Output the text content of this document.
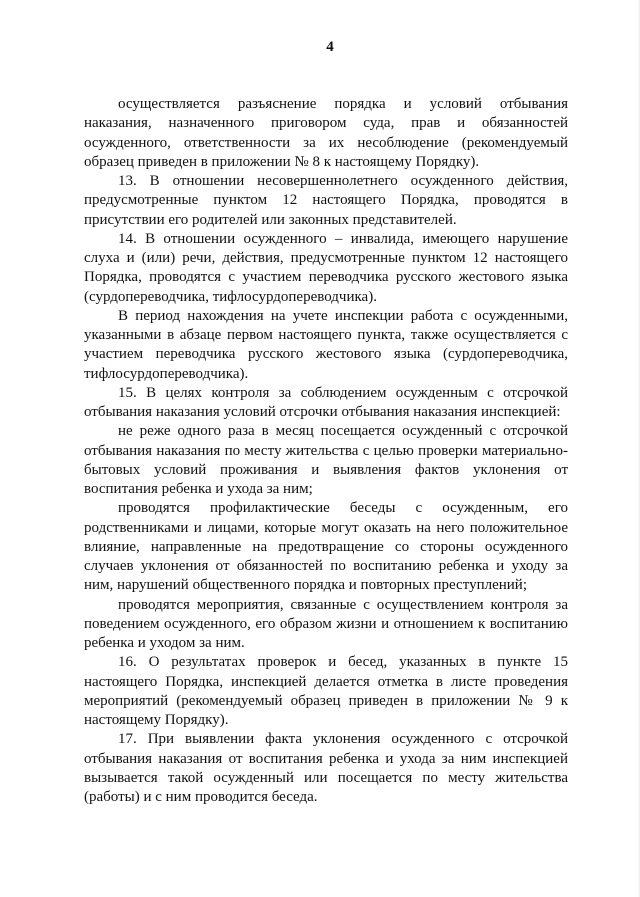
4

осуществляется разъяснение порядка и условий отбывания наказания, назначенного приговором суда, прав и обязанностей осужденного, ответственности за их несоблюдение (рекомендуемый образец приведен в приложении № 8 к настоящему Порядку).

13. В отношении несовершеннолетнего осужденного действия, предусмотренные пунктом 12 настоящего Порядка, проводятся в присутствии его родителей или законных представителей.

14. В отношении осужденного – инвалида, имеющего нарушение слуха и (или) речи, действия, предусмотренные пунктом 12 настоящего Порядка, проводятся с участием переводчика русского жестового языка (сурдопереводчика, тифлосурдопереводчика).

В период нахождения на учете инспекции работа с осужденными, указанными в абзаце первом настоящего пункта, также осуществляется с участием переводчика русского жестового языка (сурдопереводчика, тифлосурдопереводчика).

15. В целях контроля за соблюдением осужденным с отсрочкой отбывания наказания условий отсрочки отбывания наказания инспекцией:

не реже одного раза в месяц посещается осужденный с отсрочкой отбывания наказания по месту жительства с целью проверки материально-бытовых условий проживания и выявления фактов уклонения от воспитания ребенка и ухода за ним;

проводятся профилактические беседы с осужденным, его родственниками и лицами, которые могут оказать на него положительное влияние, направленные на предотвращение со стороны осужденного случаев уклонения от обязанностей по воспитанию ребенка и уходу за ним, нарушений общественного порядка и повторных преступлений;

проводятся мероприятия, связанные с осуществлением контроля за поведением осужденного, его образом жизни и отношением к воспитанию ребенка и уходом за ним.

16. О результатах проверок и бесед, указанных в пункте 15 настоящего Порядка, инспекцией делается отметка в листе проведения мероприятий (рекомендуемый образец приведен в приложении № 9 к настоящему Порядку).

17. При выявлении факта уклонения осужденного с отсрочкой отбывания наказания от воспитания ребенка и ухода за ним инспекцией вызывается такой осужденный или посещается по месту жительства (работы) и с ним проводится беседа.
